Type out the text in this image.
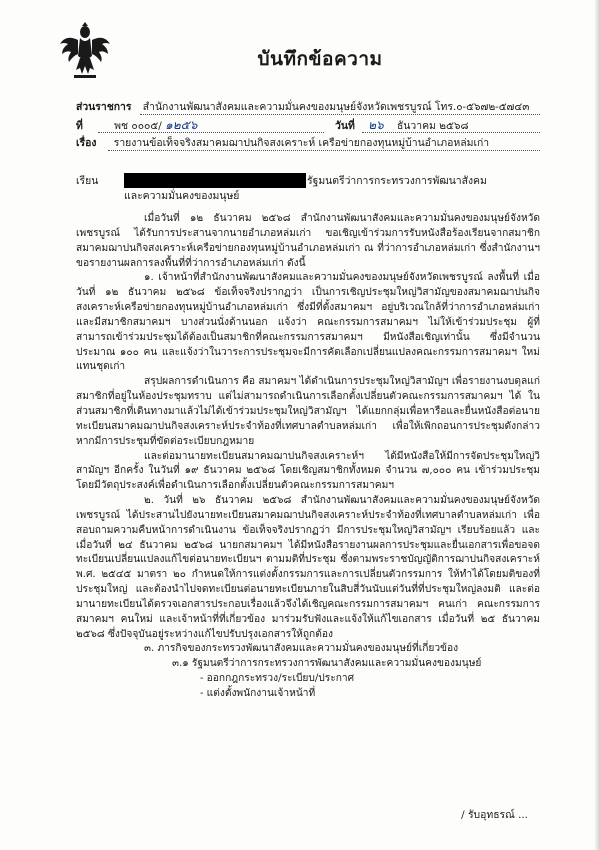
บันทึกข้อความ
ส่วนราชการ สำนักงานพัฒนาสังคมและความมั่นคงของมนุษย์จังหวัดเพชรบูรณ์ โทร.๐-๕๖๗๒-๕๗๔๓
ที่	พช ๐๐๐๕/ ๑๒๕๖	วันที่ ๒๖ ธันวาคม ๒๕๖๘
เรื่อง รายงานข้อเท็จจริงสมาคมฌาปนกิจสงเคราะห์ เครือข่ายกองทุนหมู่บ้านอำเภอหล่มเก่า
เรียน	รัฐมนตรีว่าการกระทรวงการพัฒนาสังคม
และความมั่นคงของมนุษย์

เมื่อวันที่ ๑๒ ธันวาคม ๒๕๖๘ สำนักงานพัฒนาสังคมและความมั่นคงของมนุษย์จังหวัดเพชรบูรณ์ ได้รับการประสานจากนายอำเภอหล่มเก่า ขอเชิญเข้าร่วมการรับหนังสือร้องเรียนจากสมาชิกสมาคมฌาปนกิจสงเคราะห์เครือข่ายกองทุนหมู่บ้านอำเภอหล่มเก่า ณ ที่ว่าการอำเภอหล่มเก่า ซึ่งสำนักงานฯ ขอรายงานผลการลงพื้นที่ที่ว่าการอำเภอหล่มเก่า ดังนี้

๑. เจ้าหน้าที่สำนักงานพัฒนาสังคมและความมั่นคงของมนุษย์จังหวัดเพชรบูรณ์ ลงพื้นที่ เมื่อวันที่ ๑๒ ธันวาคม ๒๕๖๘ ข้อเท็จจริงปรากฏว่า เป็นการเชิญประชุมใหญ่วิสามัญของสมาคมฌาปนกิจสงเคราะห์เครือข่ายกองทุนหมู่บ้านอำเภอหล่มเก่า ซึ่งมีที่ตั้งสมาคมฯ อยู่บริเวณใกล้ที่ว่าการอำเภอหล่มเก่า และมีสมาชิกสมาคมฯ บางส่วนนั่งด้านนอก แจ้งว่า คณะกรรมการสมาคมฯ ไม่ให้เข้าร่วมประชุม ผู้ที่สามารถเข้าร่วมประชุมได้ต้องเป็นสมาชิกที่คณะกรรมการสมาคมฯ มีหนังสือเชิญเท่านั้น ซึ่งมีจำนวนประมาณ ๑๐๐ คน และแจ้งว่าในวาระการประชุมจะมีการคัดเลือกเปลี่ยนแปลงคณะกรรมการสมาคมฯ ใหม่แทนชุดเก่า

สรุปผลการดำเนินการ คือ สมาคมฯ ได้ดำเนินการประชุมใหญ่วิสามัญฯ เพื่อรายงานงบดุลแก่สมาชิกที่อยู่ในห้องประชุมทราบ แต่ไม่สามารถดำเนินการเลือกตั้งเปลี่ยนตัวคณะกรรมการสมาคมฯ ได้ ในส่วนสมาชิกที่เดินทางมาแล้วไม่ได้เข้าร่วมประชุมใหญ่วิสามัญฯ ได้แยกกลุ่มเพื่อหารือและยื่นหนังสือต่อนายทะเบียนสมาคมฌาปนกิจสงเคราะห์ประจำท้องที่เทศบาลตำบลหล่มเก่า เพื่อให้เพิกถอนการประชุมดังกล่าวหากมีการประชุมที่ขัดต่อระเบียบกฎหมาย

และต่อมานายทะเบียนสมาคมฌาปนกิจสงเคราะห์ฯ ได้มีหนังสือให้มีการจัดประชุมใหญ่วิสามัญฯ อีกครั้ง ในวันที่ ๑๙ ธันวาคม ๒๕๖๘ โดยเชิญสมาชิกทั้งหมด จำนวน ๗,๐๐๐ คน เข้าร่วมประชุม โดยมีวัตถุประสงค์เพื่อดำเนินการเลือกตั้งเปลี่ยนตัวคณะกรรมการสมาคมฯ

๒. วันที่ ๒๖ ธันวาคม ๒๕๖๘ สำนักงานพัฒนาสังคมและความมั่นคงของมนุษย์จังหวัดเพชรบูรณ์ ได้ประสานไปยังนายทะเบียนสมาคมฌาปนกิจสงเคราะห์ประจำท้องที่เทศบาลตำบลหล่มเก่า เพื่อสอบถามความคืบหน้าการดำเนินงาน ข้อเท็จจริงปรากฏว่า มีการประชุมใหญ่วิสามัญฯ เรียบร้อยแล้ว และเมื่อวันที่ ๒๔ ธันวาคม ๒๕๖๘ นายกสมาคมฯ ได้มีหนังสือรายงานผลการประชุมและยื่นเอกสารเพื่อขอจดทะเบียนเปลี่ยนแปลงแก้ไขต่อนายทะเบียนฯ ตามมติที่ประชุม ซึ่งตามพระราชบัญญัติการฌาปนกิจสงเคราะห์ พ.ศ. ๒๕๔๕ มาตรา ๒๐ กำหนดให้การแต่งตั้งกรรมการและการเปลี่ยนตัวกรรมการ ให้ทำได้โดยมติของที่ประชุมใหญ่ และต้องนำไปจดทะเบียนต่อนายทะเบียนภายในสิบสี่วันนับแต่วันที่ที่ประชุมใหญ่ลงมติ และต่อมานายทะเบียนได้ตรวจเอกสารประกอบเรื่องแล้วจึงได้เชิญคณะกรรมการสมาคมฯ คนเก่า คณะกรรมการสมาคมฯ คนใหม่ และเจ้าหน้าที่ที่เกี่ยวข้อง มาร่วมรับฟังและแจ้งให้แก้ไขเอกสาร เมื่อวันที่ ๒๕ ธันวาคม ๒๕๖๘ ซึ่งปัจจุบันอยู่ระหว่างแก้ไขปรับปรุงเอกสารให้ถูกต้อง

๓. ภารกิจของกระทรวงพัฒนาสังคมและความมั่นคงของมนุษย์ที่เกี่ยวข้อง

๓.๑ รัฐมนตรีว่าการกระทรวงการพัฒนาสังคมและความมั่นคงของมนุษย์

- ออกกฎกระทรวง/ระเบียบ/ประกาศ

- แต่งตั้งพนักงานเจ้าหน้าที่

/ รับอุทธรณ์ ...
